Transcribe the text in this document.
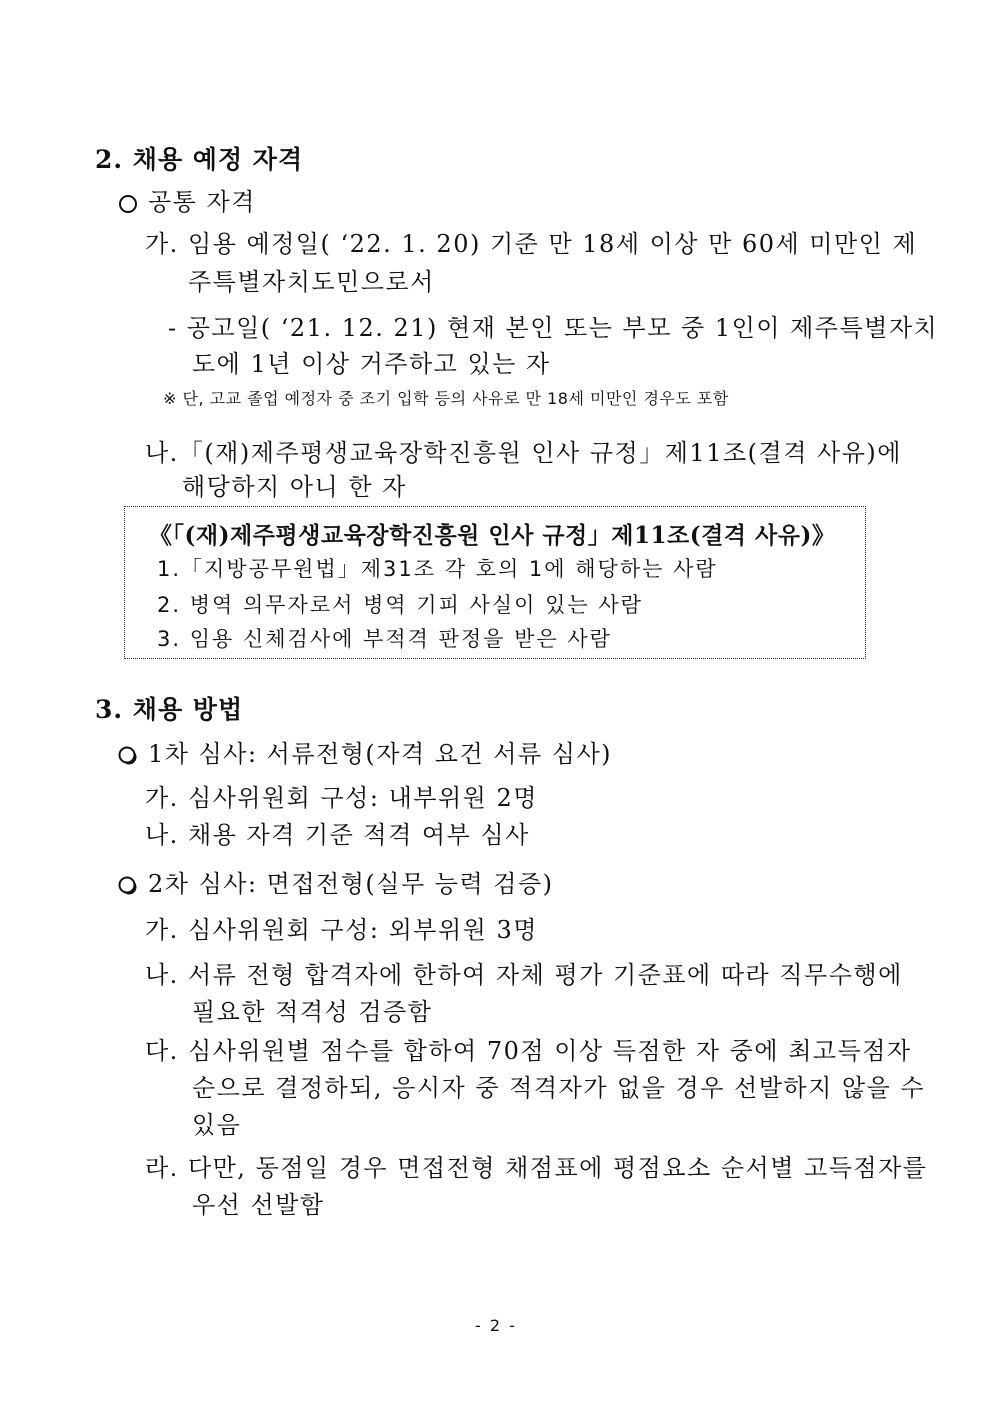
2. 채용 예정 자격
공통 자격
가. 임용 예정일( ‘22. 1. 20) 기준 만 18세 이상 만 60세 미만인 제
주특별자치도민으로서
- 공고일( ‘21. 12. 21) 현재 본인 또는 부모 중 1인이 제주특별자치
도에 1년 이상 거주하고 있는 자
※ 단, 고교 졸업 예정자 중 조기 입학 등의 사유로 만 18세 미만인 경우도 포함
나.「(재)제주평생교육장학진흥원 인사 규정」제11조(결격 사유)에
해당하지 아니 한 자
《「(재)제주평생교육장학진흥원 인사 규정」제11조(결격 사유)》
1.「지방공무원법」제31조 각 호의 1에 해당하는 사람
2. 병역 의무자로서 병역 기피 사실이 있는 사람
3. 임용 신체검사에 부적격 판정을 받은 사람
3. 채용 방법
1차 심사: 서류전형(자격 요건 서류 심사)
가. 심사위원회 구성: 내부위원 2명
나. 채용 자격 기준 적격 여부 심사
2차 심사: 면접전형(실무 능력 검증)
가. 심사위원회 구성: 외부위원 3명
나. 서류 전형 합격자에 한하여 자체 평가 기준표에 따라 직무수행에
필요한 적격성 검증함
다. 심사위원별 점수를 합하여 70점 이상 득점한 자 중에 최고득점자
순으로 결정하되, 응시자 중 적격자가 없을 경우 선발하지 않을 수
있음
라. 다만, 동점일 경우 면접전형 채점표에 평점요소 순서별 고득점자를
우선 선발함
- 2 -
